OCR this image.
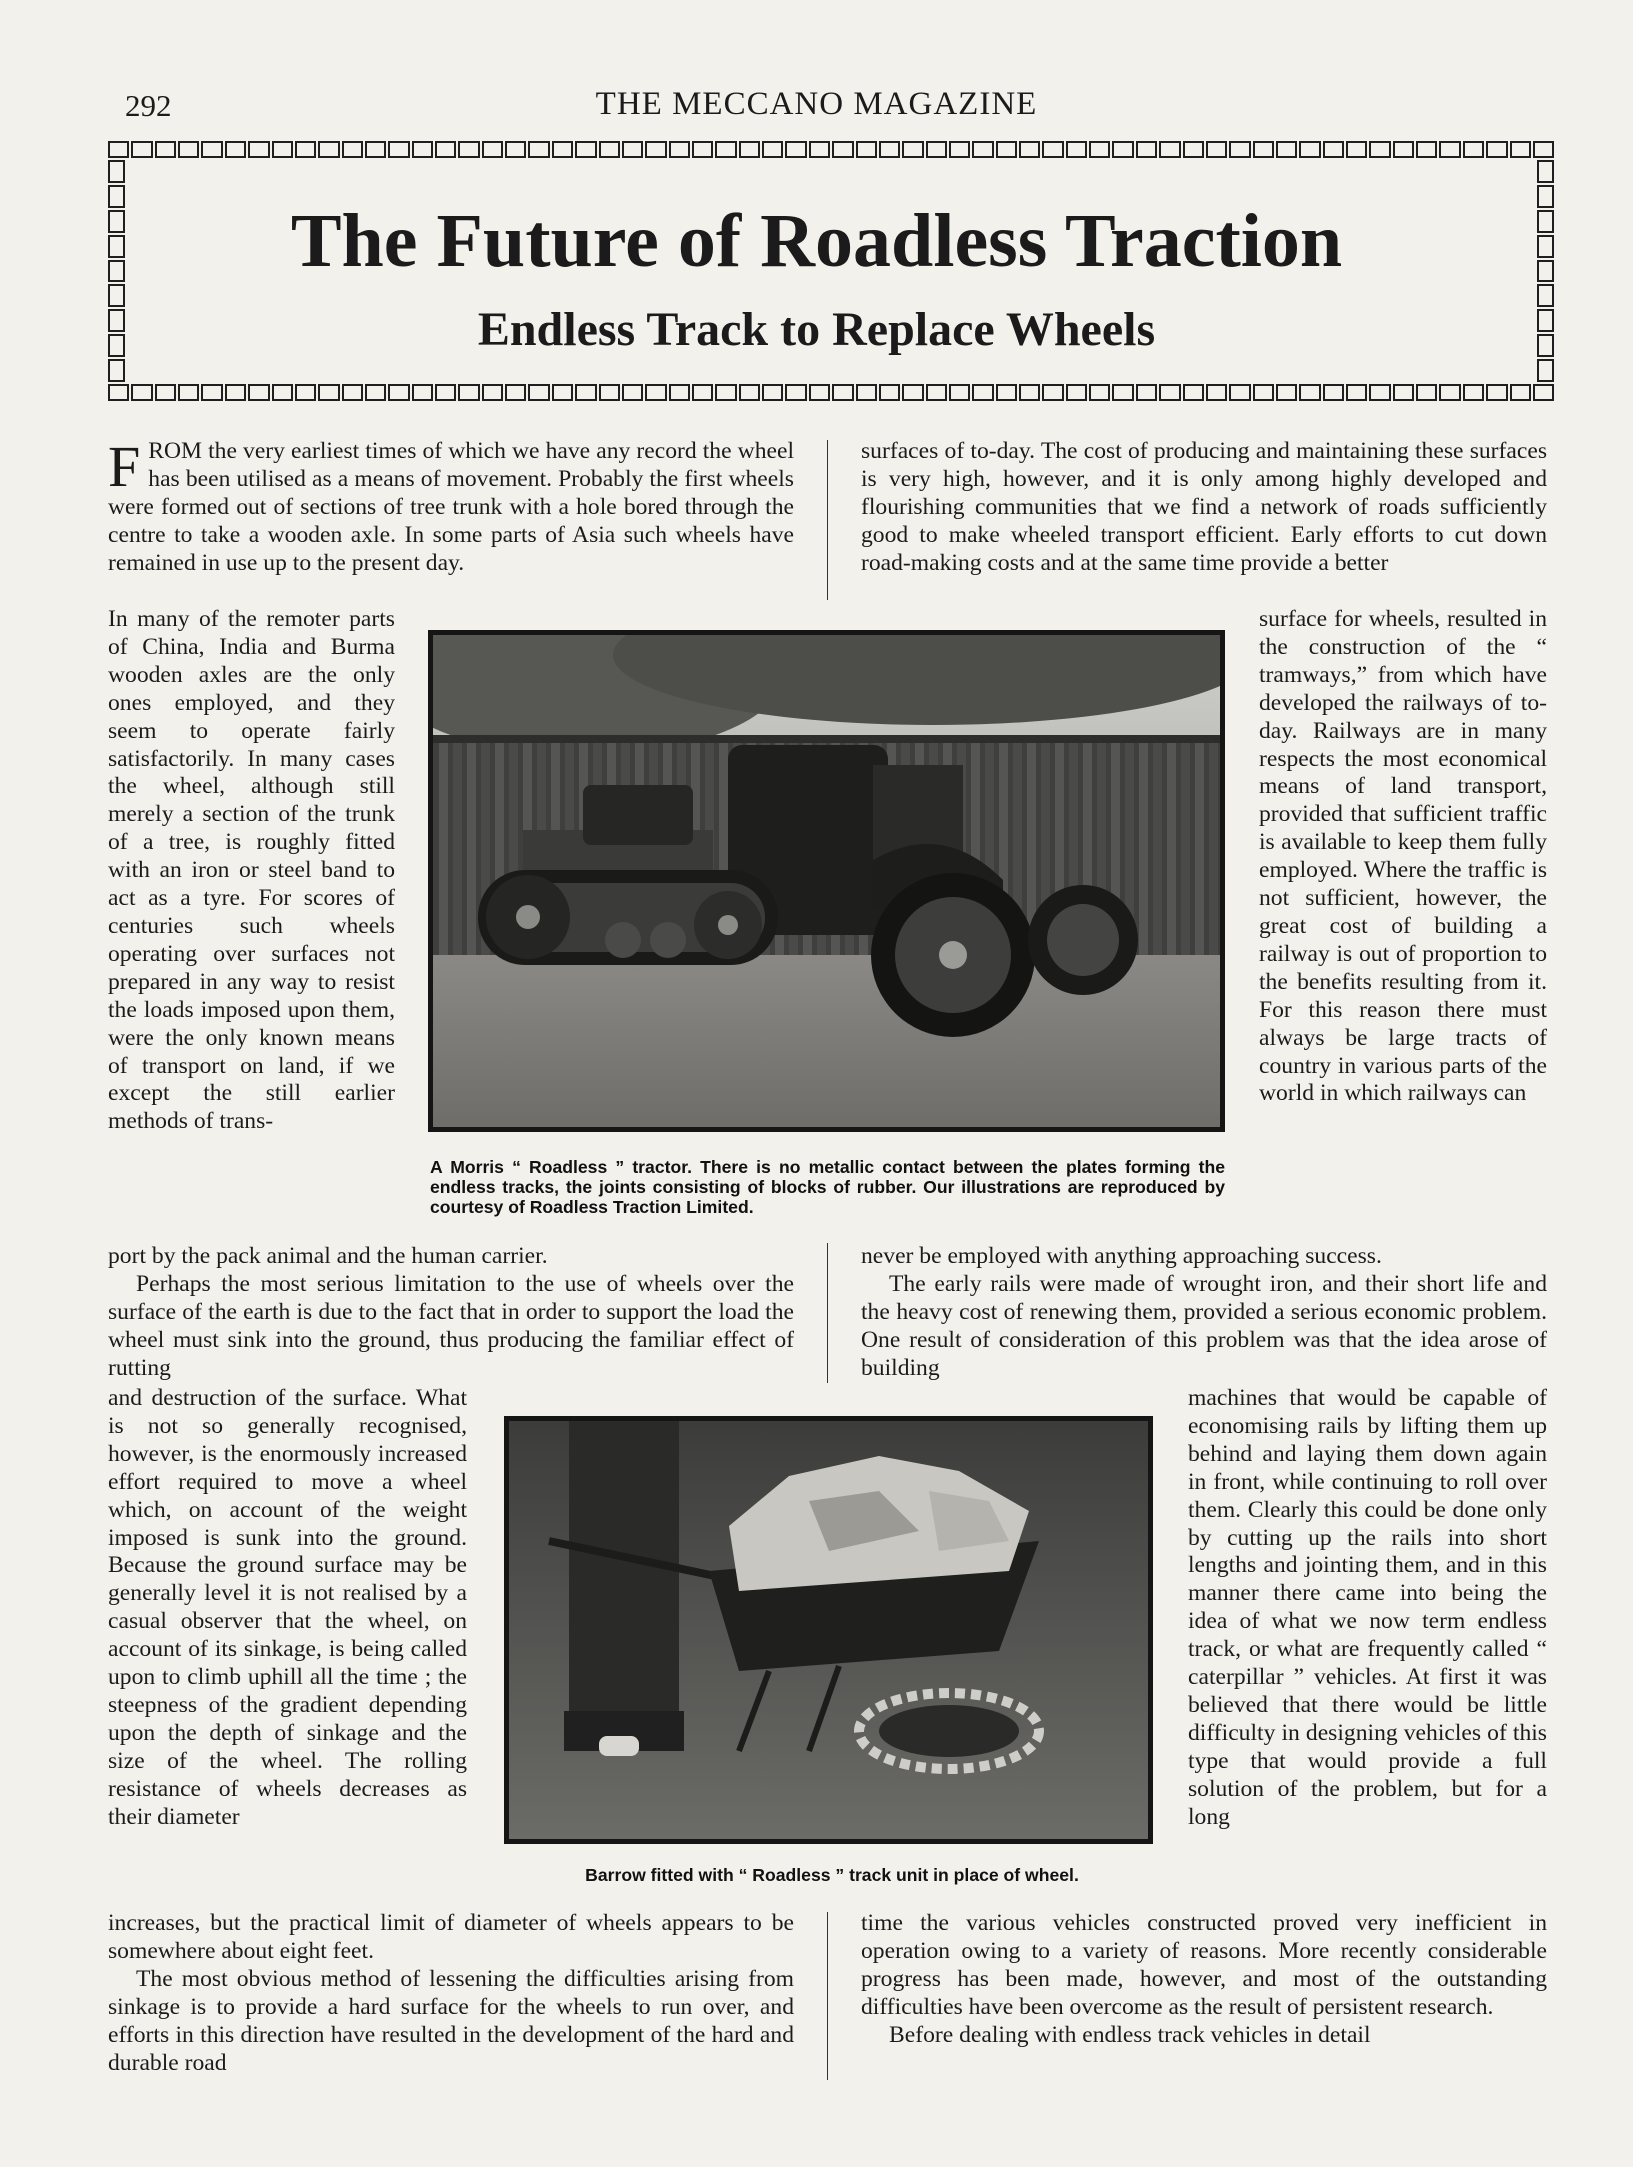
292	THE MECCANO MAGAZINE
The Future of Roadless Traction
Endless Track to Replace Wheels

FROM the very earliest times of which we have any record the wheel has been utilised as a means of movement. Probably the first wheels were formed out of sections of tree trunk with a hole bored through the centre to take a wooden axle. In some parts of Asia such wheels have remained in use up to the present day.

In many of the remoter parts of China, India and Burma wooden axles are the only ones employed, and they seem to operate fairly satisfactorily. In many cases the wheel, although still merely a section of the trunk of a tree, is roughly fitted with an iron or steel band to act as a tyre. For scores of centuries such wheels operating over surfaces not prepared in any way to resist the loads imposed upon them, were the only known means of transport on land, if we except the still earlier methods of trans-

port by the pack animal and the human carrier.

Perhaps the most serious limitation to the use of wheels over the surface of the earth is due to the fact that in order to support the load the wheel must sink into the ground, thus producing the familiar effect of rutting

and destruction of the surface. What is not so generally recognised, however, is the enormously increased effort required to move a wheel which, on account of the weight imposed is sunk into the ground. Because the ground surface may be generally level it is not realised by a casual observer that the wheel, on account of its sinkage, is being called upon to climb uphill all the time ; the steepness of the gradient depending upon the depth of sinkage and the size of the wheel. The rolling resistance of wheels decreases as their diameter

increases, but the practical limit of diameter of wheels appears to be somewhere about eight feet.

The most obvious method of lessening the difficulties arising from sinkage is to provide a hard surface for the wheels to run over, and efforts in this direction have resulted in the development of the hard and durable road

surfaces of to-day. The cost of producing and maintaining these surfaces is very high, however, and it is only among highly developed and flourishing communities that we find a network of roads sufficiently good to make wheeled transport efficient. Early efforts to cut down road-making costs and at the same time provide a better

surface for wheels, resulted in the construction of the “ tramways,” from which have developed the railways of to-day. Railways are in many respects the most economical means of land transport, provided that sufficient traffic is available to keep them fully employed. Where the traffic is not sufficient, however, the great cost of building a railway is out of proportion to the benefits resulting from it. For this reason there must always be large tracts of country in various parts of the world in which railways can

never be employed with anything approaching success.

The early rails were made of wrought iron, and their short life and the heavy cost of renewing them, provided a serious economic problem. One result of consideration of this problem was that the idea arose of building

machines that would be capable of economising rails by lifting them up behind and laying them down again in front, while continuing to roll over them. Clearly this could be done only by cutting up the rails into short lengths and jointing them, and in this manner there came into being the idea of what we now term endless track, or what are frequently called “ caterpillar ” vehicles. At first it was believed that there would be little difficulty in designing vehicles of this type that would provide a full solution of the problem, but for a long

time the various vehicles constructed proved very inefficient in operation owing to a variety of reasons. More recently considerable progress has been made, however, and most of the outstanding difficulties have been overcome as the result of persistent research.

Before dealing with endless track vehicles in detail

A Morris “ Roadless ” tractor. There is no metallic contact between the plates forming the endless tracks, the joints consisting of blocks of rubber. Our illustrations are reproduced by courtesy of Roadless Traction Limited.
Barrow fitted with “ Roadless ” track unit in place of wheel.
